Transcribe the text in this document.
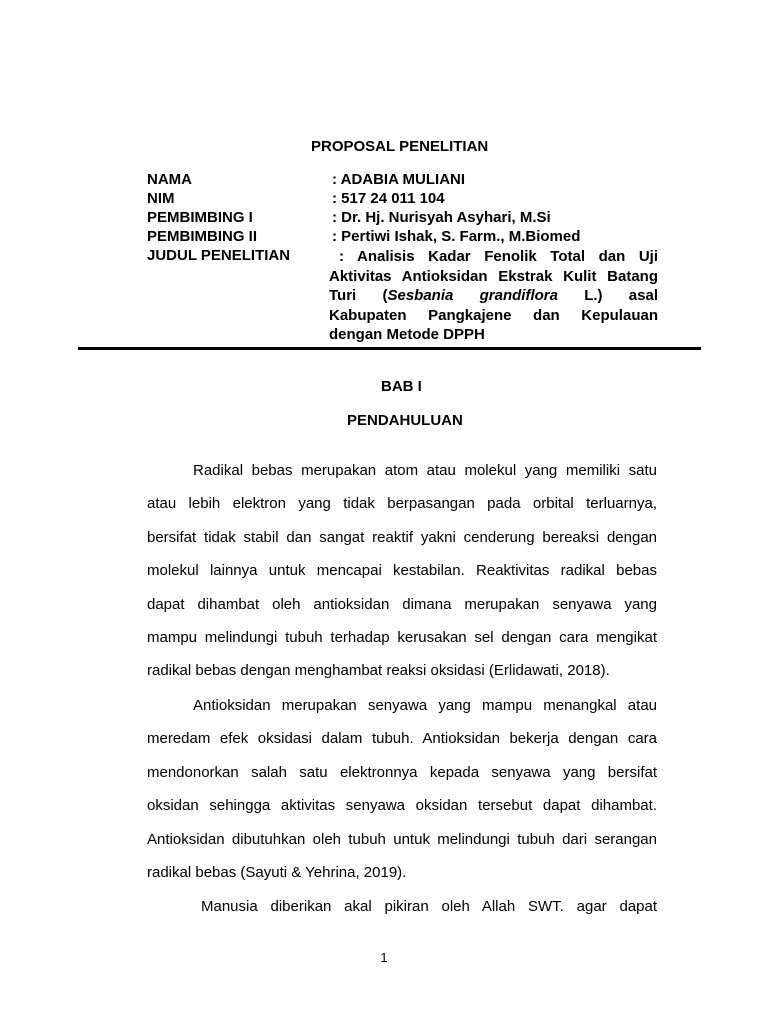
PROPOSAL PENELITIAN
NAMA
NIM
PEMBIMBING I
PEMBIMBING II
JUDUL PENELITIAN
: ADABIA MULIANI
: 517 24 011 104
: Dr. Hj. Nurisyah Asyhari, M.Si
: Pertiwi Ishak, S. Farm., M.Biomed
: Analisis Kadar Fenolik Total dan Uji
Aktivitas Antioksidan Ekstrak Kulit Batang
Turi (Sesbania grandiflora L.) asal
Kabupaten Pangkajene dan Kepulauan
dengan Metode DPPH
BAB I
PENDAHULUAN
Radikal bebas merupakan atom atau molekul yang memiliki satu
atau lebih elektron yang tidak berpasangan pada orbital terluarnya,
bersifat tidak stabil dan sangat reaktif yakni cenderung bereaksi dengan
molekul lainnya untuk mencapai kestabilan. Reaktivitas radikal bebas
dapat dihambat oleh antioksidan dimana merupakan senyawa yang
mampu melindungi tubuh terhadap kerusakan sel dengan cara mengikat
radikal bebas dengan menghambat reaksi oksidasi (Erlidawati, 2018).
Antioksidan merupakan senyawa yang mampu menangkal atau
meredam efek oksidasi dalam tubuh. Antioksidan bekerja dengan cara
mendonorkan salah satu elektronnya kepada senyawa yang bersifat
oksidan sehingga aktivitas senyawa oksidan tersebut dapat dihambat.
Antioksidan dibutuhkan oleh tubuh untuk melindungi tubuh dari serangan
radikal bebas (Sayuti & Yehrina, 2019).
Manusia diberikan akal pikiran oleh Allah SWT. agar dapat
1
